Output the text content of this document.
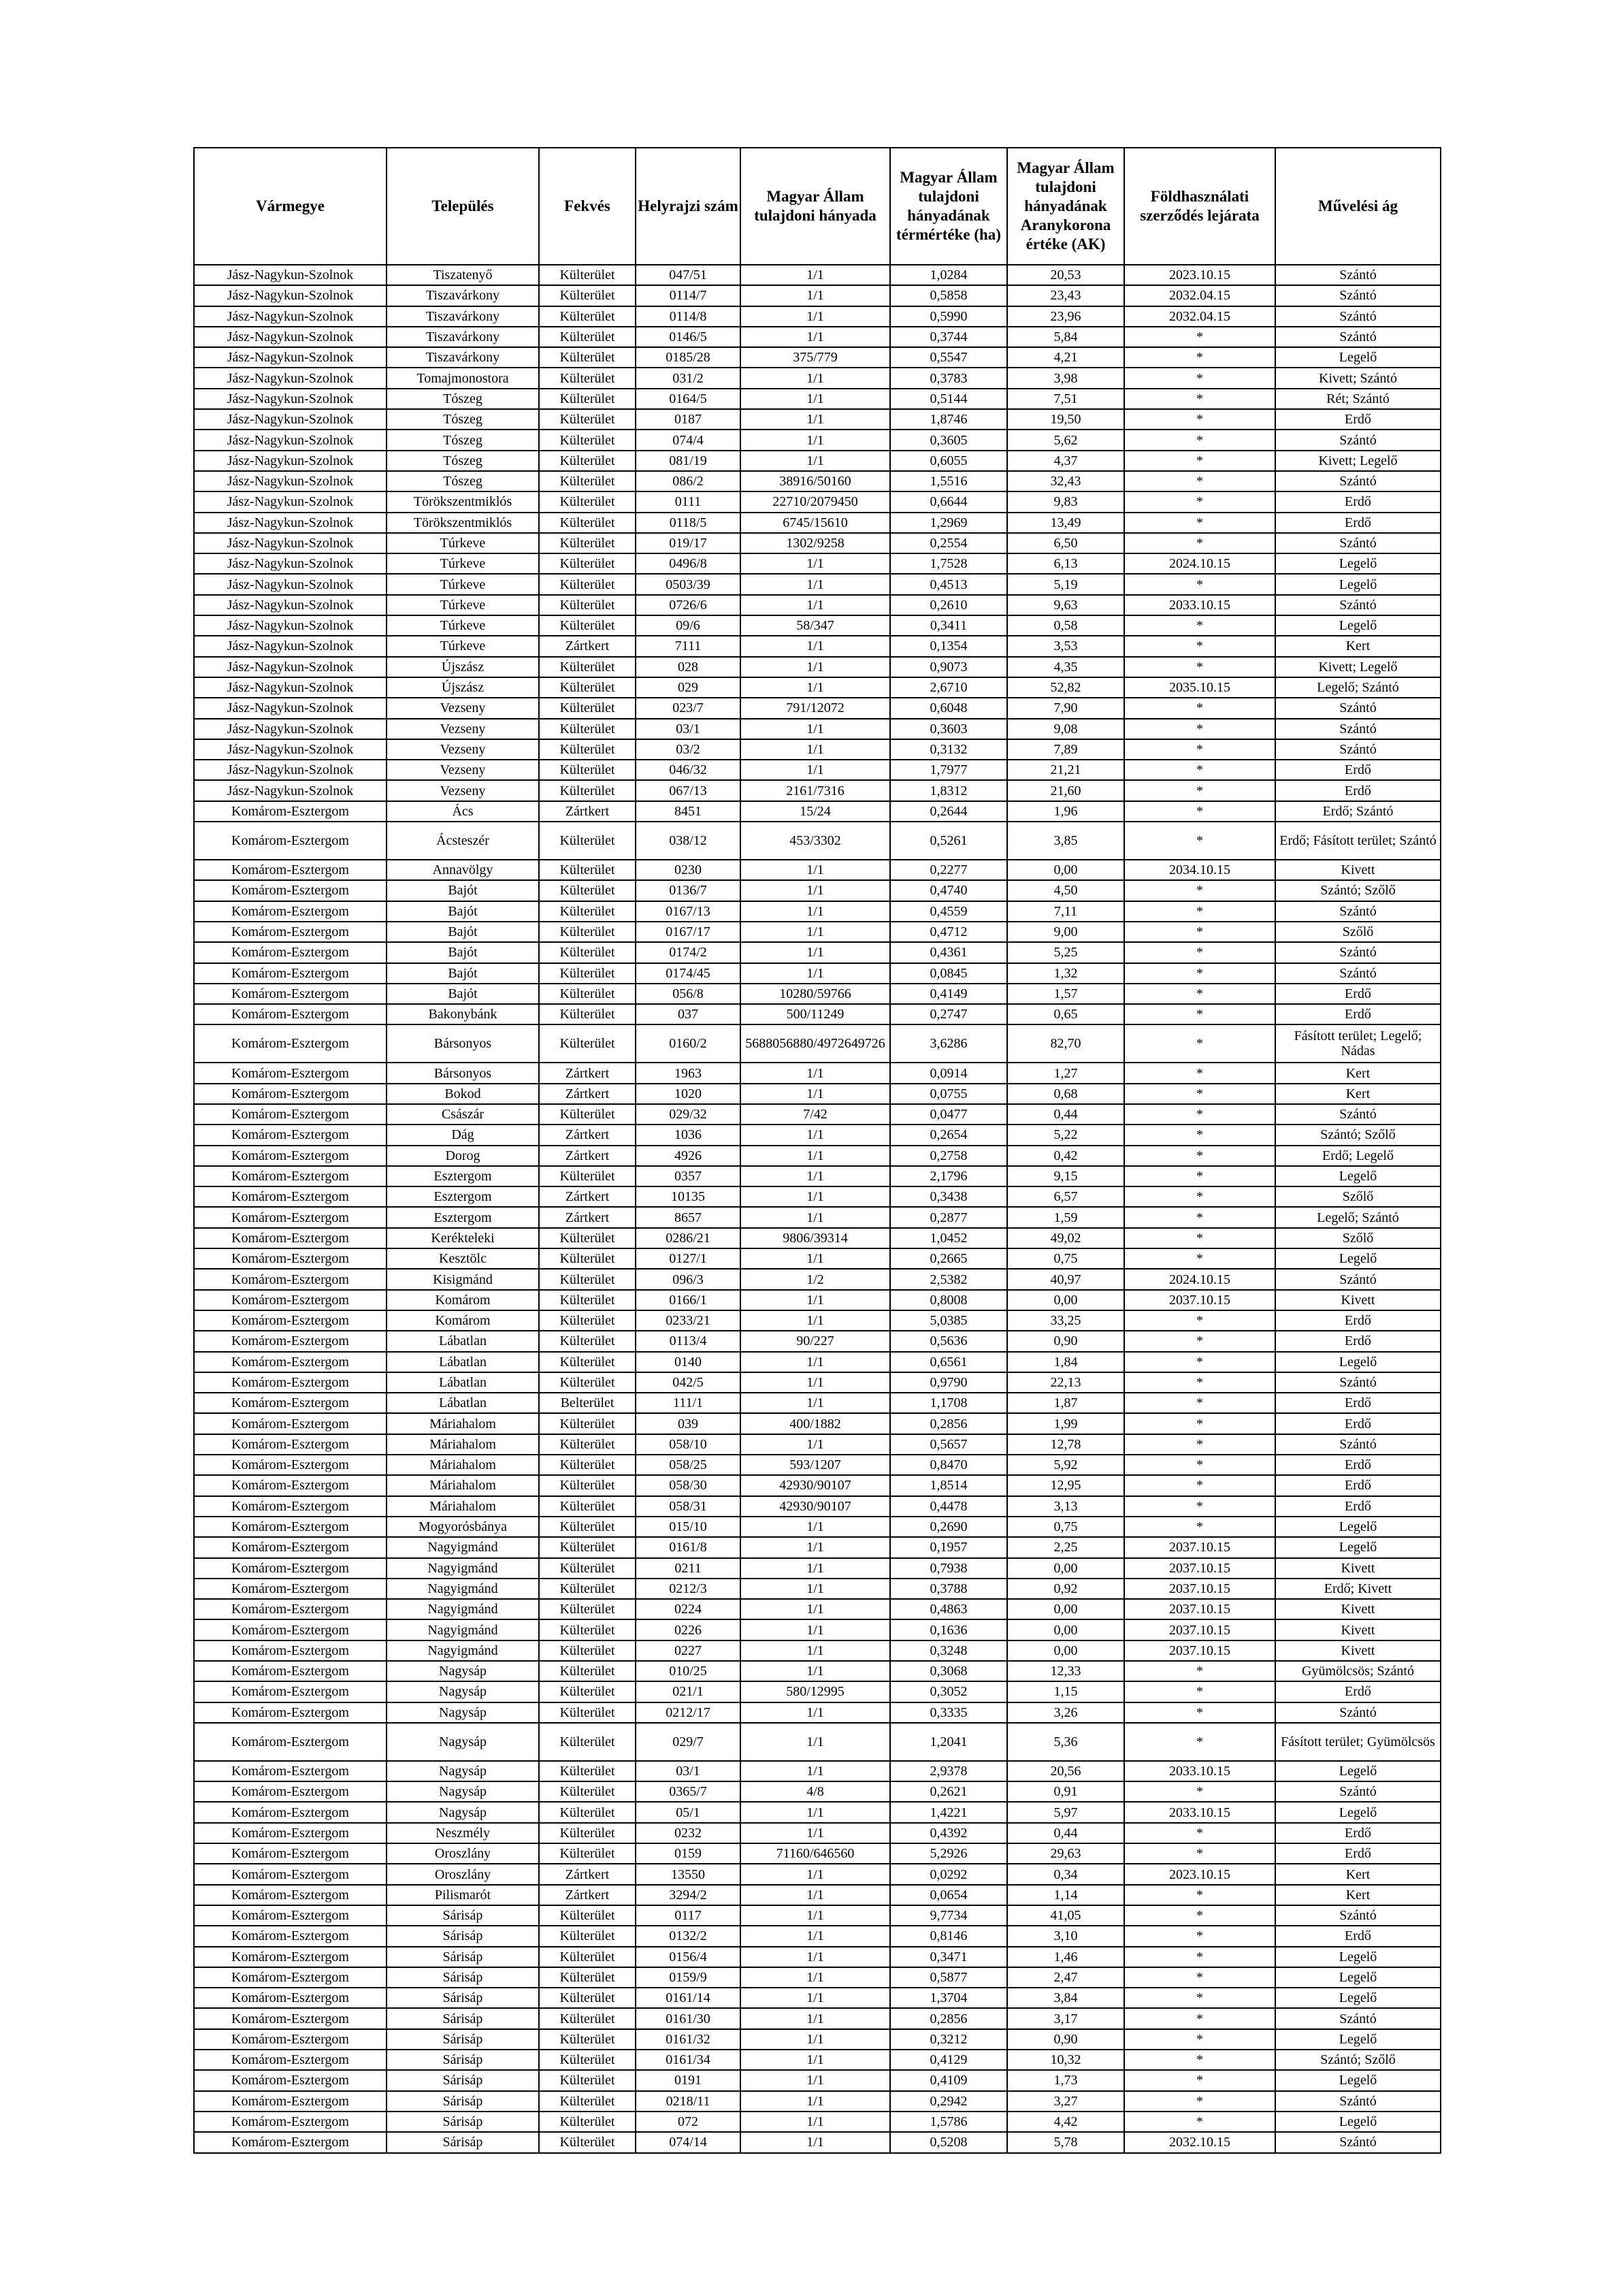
Vármegye	Település	Fekvés	Helyrajzi szám	Magyar Állam tulajdoni hányada	Magyar Állam tulajdoni hányadának térmértéke (ha)	Magyar Állam tulajdoni hányadának Aranykorona értéke (AK)	Földhasználati szerződés lejárata	Művelési ág
Jász-Nagykun-Szolnok	Tiszatenyő	Külterület	047/51	1/1	1,0284	20,53	2023.10.15	Szántó
Jász-Nagykun-Szolnok	Tiszavárkony	Külterület	0114/7	1/1	0,5858	23,43	2032.04.15	Szántó
Jász-Nagykun-Szolnok	Tiszavárkony	Külterület	0114/8	1/1	0,5990	23,96	2032.04.15	Szántó
Jász-Nagykun-Szolnok	Tiszavárkony	Külterület	0146/5	1/1	0,3744	5,84	*	Szántó
Jász-Nagykun-Szolnok	Tiszavárkony	Külterület	0185/28	375/779	0,5547	4,21	*	Legelő
Jász-Nagykun-Szolnok	Tomajmonostora	Külterület	031/2	1/1	0,3783	3,98	*	Kivett; Szántó
Jász-Nagykun-Szolnok	Tószeg	Külterület	0164/5	1/1	0,5144	7,51	*	Rét; Szántó
Jász-Nagykun-Szolnok	Tószeg	Külterület	0187	1/1	1,8746	19,50	*	Erdő
Jász-Nagykun-Szolnok	Tószeg	Külterület	074/4	1/1	0,3605	5,62	*	Szántó
Jász-Nagykun-Szolnok	Tószeg	Külterület	081/19	1/1	0,6055	4,37	*	Kivett; Legelő
Jász-Nagykun-Szolnok	Tószeg	Külterület	086/2	38916/50160	1,5516	32,43	*	Szántó
Jász-Nagykun-Szolnok	Törökszentmiklós	Külterület	0111	22710/2079450	0,6644	9,83	*	Erdő
Jász-Nagykun-Szolnok	Törökszentmiklós	Külterület	0118/5	6745/15610	1,2969	13,49	*	Erdő
Jász-Nagykun-Szolnok	Túrkeve	Külterület	019/17	1302/9258	0,2554	6,50	*	Szántó
Jász-Nagykun-Szolnok	Túrkeve	Külterület	0496/8	1/1	1,7528	6,13	2024.10.15	Legelő
Jász-Nagykun-Szolnok	Túrkeve	Külterület	0503/39	1/1	0,4513	5,19	*	Legelő
Jász-Nagykun-Szolnok	Túrkeve	Külterület	0726/6	1/1	0,2610	9,63	2033.10.15	Szántó
Jász-Nagykun-Szolnok	Túrkeve	Külterület	09/6	58/347	0,3411	0,58	*	Legelő
Jász-Nagykun-Szolnok	Túrkeve	Zártkert	7111	1/1	0,1354	3,53	*	Kert
Jász-Nagykun-Szolnok	Újszász	Külterület	028	1/1	0,9073	4,35	*	Kivett; Legelő
Jász-Nagykun-Szolnok	Újszász	Külterület	029	1/1	2,6710	52,82	2035.10.15	Legelő; Szántó
Jász-Nagykun-Szolnok	Vezseny	Külterület	023/7	791/12072	0,6048	7,90	*	Szántó
Jász-Nagykun-Szolnok	Vezseny	Külterület	03/1	1/1	0,3603	9,08	*	Szántó
Jász-Nagykun-Szolnok	Vezseny	Külterület	03/2	1/1	0,3132	7,89	*	Szántó
Jász-Nagykun-Szolnok	Vezseny	Külterület	046/32	1/1	1,7977	21,21	*	Erdő
Jász-Nagykun-Szolnok	Vezseny	Külterület	067/13	2161/7316	1,8312	21,60	*	Erdő
Komárom-Esztergom	Ács	Zártkert	8451	15/24	0,2644	1,96	*	Erdő; Szántó
Komárom-Esztergom	Ácsteszér	Külterület	038/12	453/3302	0,5261	3,85	*	Erdő; Fásított terület; Szántó
Komárom-Esztergom	Annavölgy	Külterület	0230	1/1	0,2277	0,00	2034.10.15	Kivett
Komárom-Esztergom	Bajót	Külterület	0136/7	1/1	0,4740	4,50	*	Szántó; Szőlő
Komárom-Esztergom	Bajót	Külterület	0167/13	1/1	0,4559	7,11	*	Szántó
Komárom-Esztergom	Bajót	Külterület	0167/17	1/1	0,4712	9,00	*	Szőlő
Komárom-Esztergom	Bajót	Külterület	0174/2	1/1	0,4361	5,25	*	Szántó
Komárom-Esztergom	Bajót	Külterület	0174/45	1/1	0,0845	1,32	*	Szántó
Komárom-Esztergom	Bajót	Külterület	056/8	10280/59766	0,4149	1,57	*	Erdő
Komárom-Esztergom	Bakonybánk	Külterület	037	500/11249	0,2747	0,65	*	Erdő
Komárom-Esztergom	Bársonyos	Külterület	0160/2	5688056880/4972649726	3,6286	82,70	*	Fásított terület; Legelő; Nádas
Komárom-Esztergom	Bársonyos	Zártkert	1963	1/1	0,0914	1,27	*	Kert
Komárom-Esztergom	Bokod	Zártkert	1020	1/1	0,0755	0,68	*	Kert
Komárom-Esztergom	Császár	Külterület	029/32	7/42	0,0477	0,44	*	Szántó
Komárom-Esztergom	Dág	Zártkert	1036	1/1	0,2654	5,22	*	Szántó; Szőlő
Komárom-Esztergom	Dorog	Zártkert	4926	1/1	0,2758	0,42	*	Erdő; Legelő
Komárom-Esztergom	Esztergom	Külterület	0357	1/1	2,1796	9,15	*	Legelő
Komárom-Esztergom	Esztergom	Zártkert	10135	1/1	0,3438	6,57	*	Szőlő
Komárom-Esztergom	Esztergom	Zártkert	8657	1/1	0,2877	1,59	*	Legelő; Szántó
Komárom-Esztergom	Kerékteleki	Külterület	0286/21	9806/39314	1,0452	49,02	*	Szőlő
Komárom-Esztergom	Kesztölc	Külterület	0127/1	1/1	0,2665	0,75	*	Legelő
Komárom-Esztergom	Kisigmánd	Külterület	096/3	1/2	2,5382	40,97	2024.10.15	Szántó
Komárom-Esztergom	Komárom	Külterület	0166/1	1/1	0,8008	0,00	2037.10.15	Kivett
Komárom-Esztergom	Komárom	Külterület	0233/21	1/1	5,0385	33,25	*	Erdő
Komárom-Esztergom	Lábatlan	Külterület	0113/4	90/227	0,5636	0,90	*	Erdő
Komárom-Esztergom	Lábatlan	Külterület	0140	1/1	0,6561	1,84	*	Legelő
Komárom-Esztergom	Lábatlan	Külterület	042/5	1/1	0,9790	22,13	*	Szántó
Komárom-Esztergom	Lábatlan	Belterület	111/1	1/1	1,1708	1,87	*	Erdő
Komárom-Esztergom	Máriahalom	Külterület	039	400/1882	0,2856	1,99	*	Erdő
Komárom-Esztergom	Máriahalom	Külterület	058/10	1/1	0,5657	12,78	*	Szántó
Komárom-Esztergom	Máriahalom	Külterület	058/25	593/1207	0,8470	5,92	*	Erdő
Komárom-Esztergom	Máriahalom	Külterület	058/30	42930/90107	1,8514	12,95	*	Erdő
Komárom-Esztergom	Máriahalom	Külterület	058/31	42930/90107	0,4478	3,13	*	Erdő
Komárom-Esztergom	Mogyorósbánya	Külterület	015/10	1/1	0,2690	0,75	*	Legelő
Komárom-Esztergom	Nagyigmánd	Külterület	0161/8	1/1	0,1957	2,25	2037.10.15	Legelő
Komárom-Esztergom	Nagyigmánd	Külterület	0211	1/1	0,7938	0,00	2037.10.15	Kivett
Komárom-Esztergom	Nagyigmánd	Külterület	0212/3	1/1	0,3788	0,92	2037.10.15	Erdő; Kivett
Komárom-Esztergom	Nagyigmánd	Külterület	0224	1/1	0,4863	0,00	2037.10.15	Kivett
Komárom-Esztergom	Nagyigmánd	Külterület	0226	1/1	0,1636	0,00	2037.10.15	Kivett
Komárom-Esztergom	Nagyigmánd	Külterület	0227	1/1	0,3248	0,00	2037.10.15	Kivett
Komárom-Esztergom	Nagysáp	Külterület	010/25	1/1	0,3068	12,33	*	Gyümölcsös; Szántó
Komárom-Esztergom	Nagysáp	Külterület	021/1	580/12995	0,3052	1,15	*	Erdő
Komárom-Esztergom	Nagysáp	Külterület	0212/17	1/1	0,3335	3,26	*	Szántó
Komárom-Esztergom	Nagysáp	Külterület	029/7	1/1	1,2041	5,36	*	Fásított terület; Gyümölcsös
Komárom-Esztergom	Nagysáp	Külterület	03/1	1/1	2,9378	20,56	2033.10.15	Legelő
Komárom-Esztergom	Nagysáp	Külterület	0365/7	4/8	0,2621	0,91	*	Szántó
Komárom-Esztergom	Nagysáp	Külterület	05/1	1/1	1,4221	5,97	2033.10.15	Legelő
Komárom-Esztergom	Neszmély	Külterület	0232	1/1	0,4392	0,44	*	Erdő
Komárom-Esztergom	Oroszlány	Külterület	0159	71160/646560	5,2926	29,63	*	Erdő
Komárom-Esztergom	Oroszlány	Zártkert	13550	1/1	0,0292	0,34	2023.10.15	Kert
Komárom-Esztergom	Pilismarót	Zártkert	3294/2	1/1	0,0654	1,14	*	Kert
Komárom-Esztergom	Sárisáp	Külterület	0117	1/1	9,7734	41,05	*	Szántó
Komárom-Esztergom	Sárisáp	Külterület	0132/2	1/1	0,8146	3,10	*	Erdő
Komárom-Esztergom	Sárisáp	Külterület	0156/4	1/1	0,3471	1,46	*	Legelő
Komárom-Esztergom	Sárisáp	Külterület	0159/9	1/1	0,5877	2,47	*	Legelő
Komárom-Esztergom	Sárisáp	Külterület	0161/14	1/1	1,3704	3,84	*	Legelő
Komárom-Esztergom	Sárisáp	Külterület	0161/30	1/1	0,2856	3,17	*	Szántó
Komárom-Esztergom	Sárisáp	Külterület	0161/32	1/1	0,3212	0,90	*	Legelő
Komárom-Esztergom	Sárisáp	Külterület	0161/34	1/1	0,4129	10,32	*	Szántó; Szőlő
Komárom-Esztergom	Sárisáp	Külterület	0191	1/1	0,4109	1,73	*	Legelő
Komárom-Esztergom	Sárisáp	Külterület	0218/11	1/1	0,2942	3,27	*	Szántó
Komárom-Esztergom	Sárisáp	Külterület	072	1/1	1,5786	4,42	*	Legelő
Komárom-Esztergom	Sárisáp	Külterület	074/14	1/1	0,5208	5,78	2032.10.15	Szántó
